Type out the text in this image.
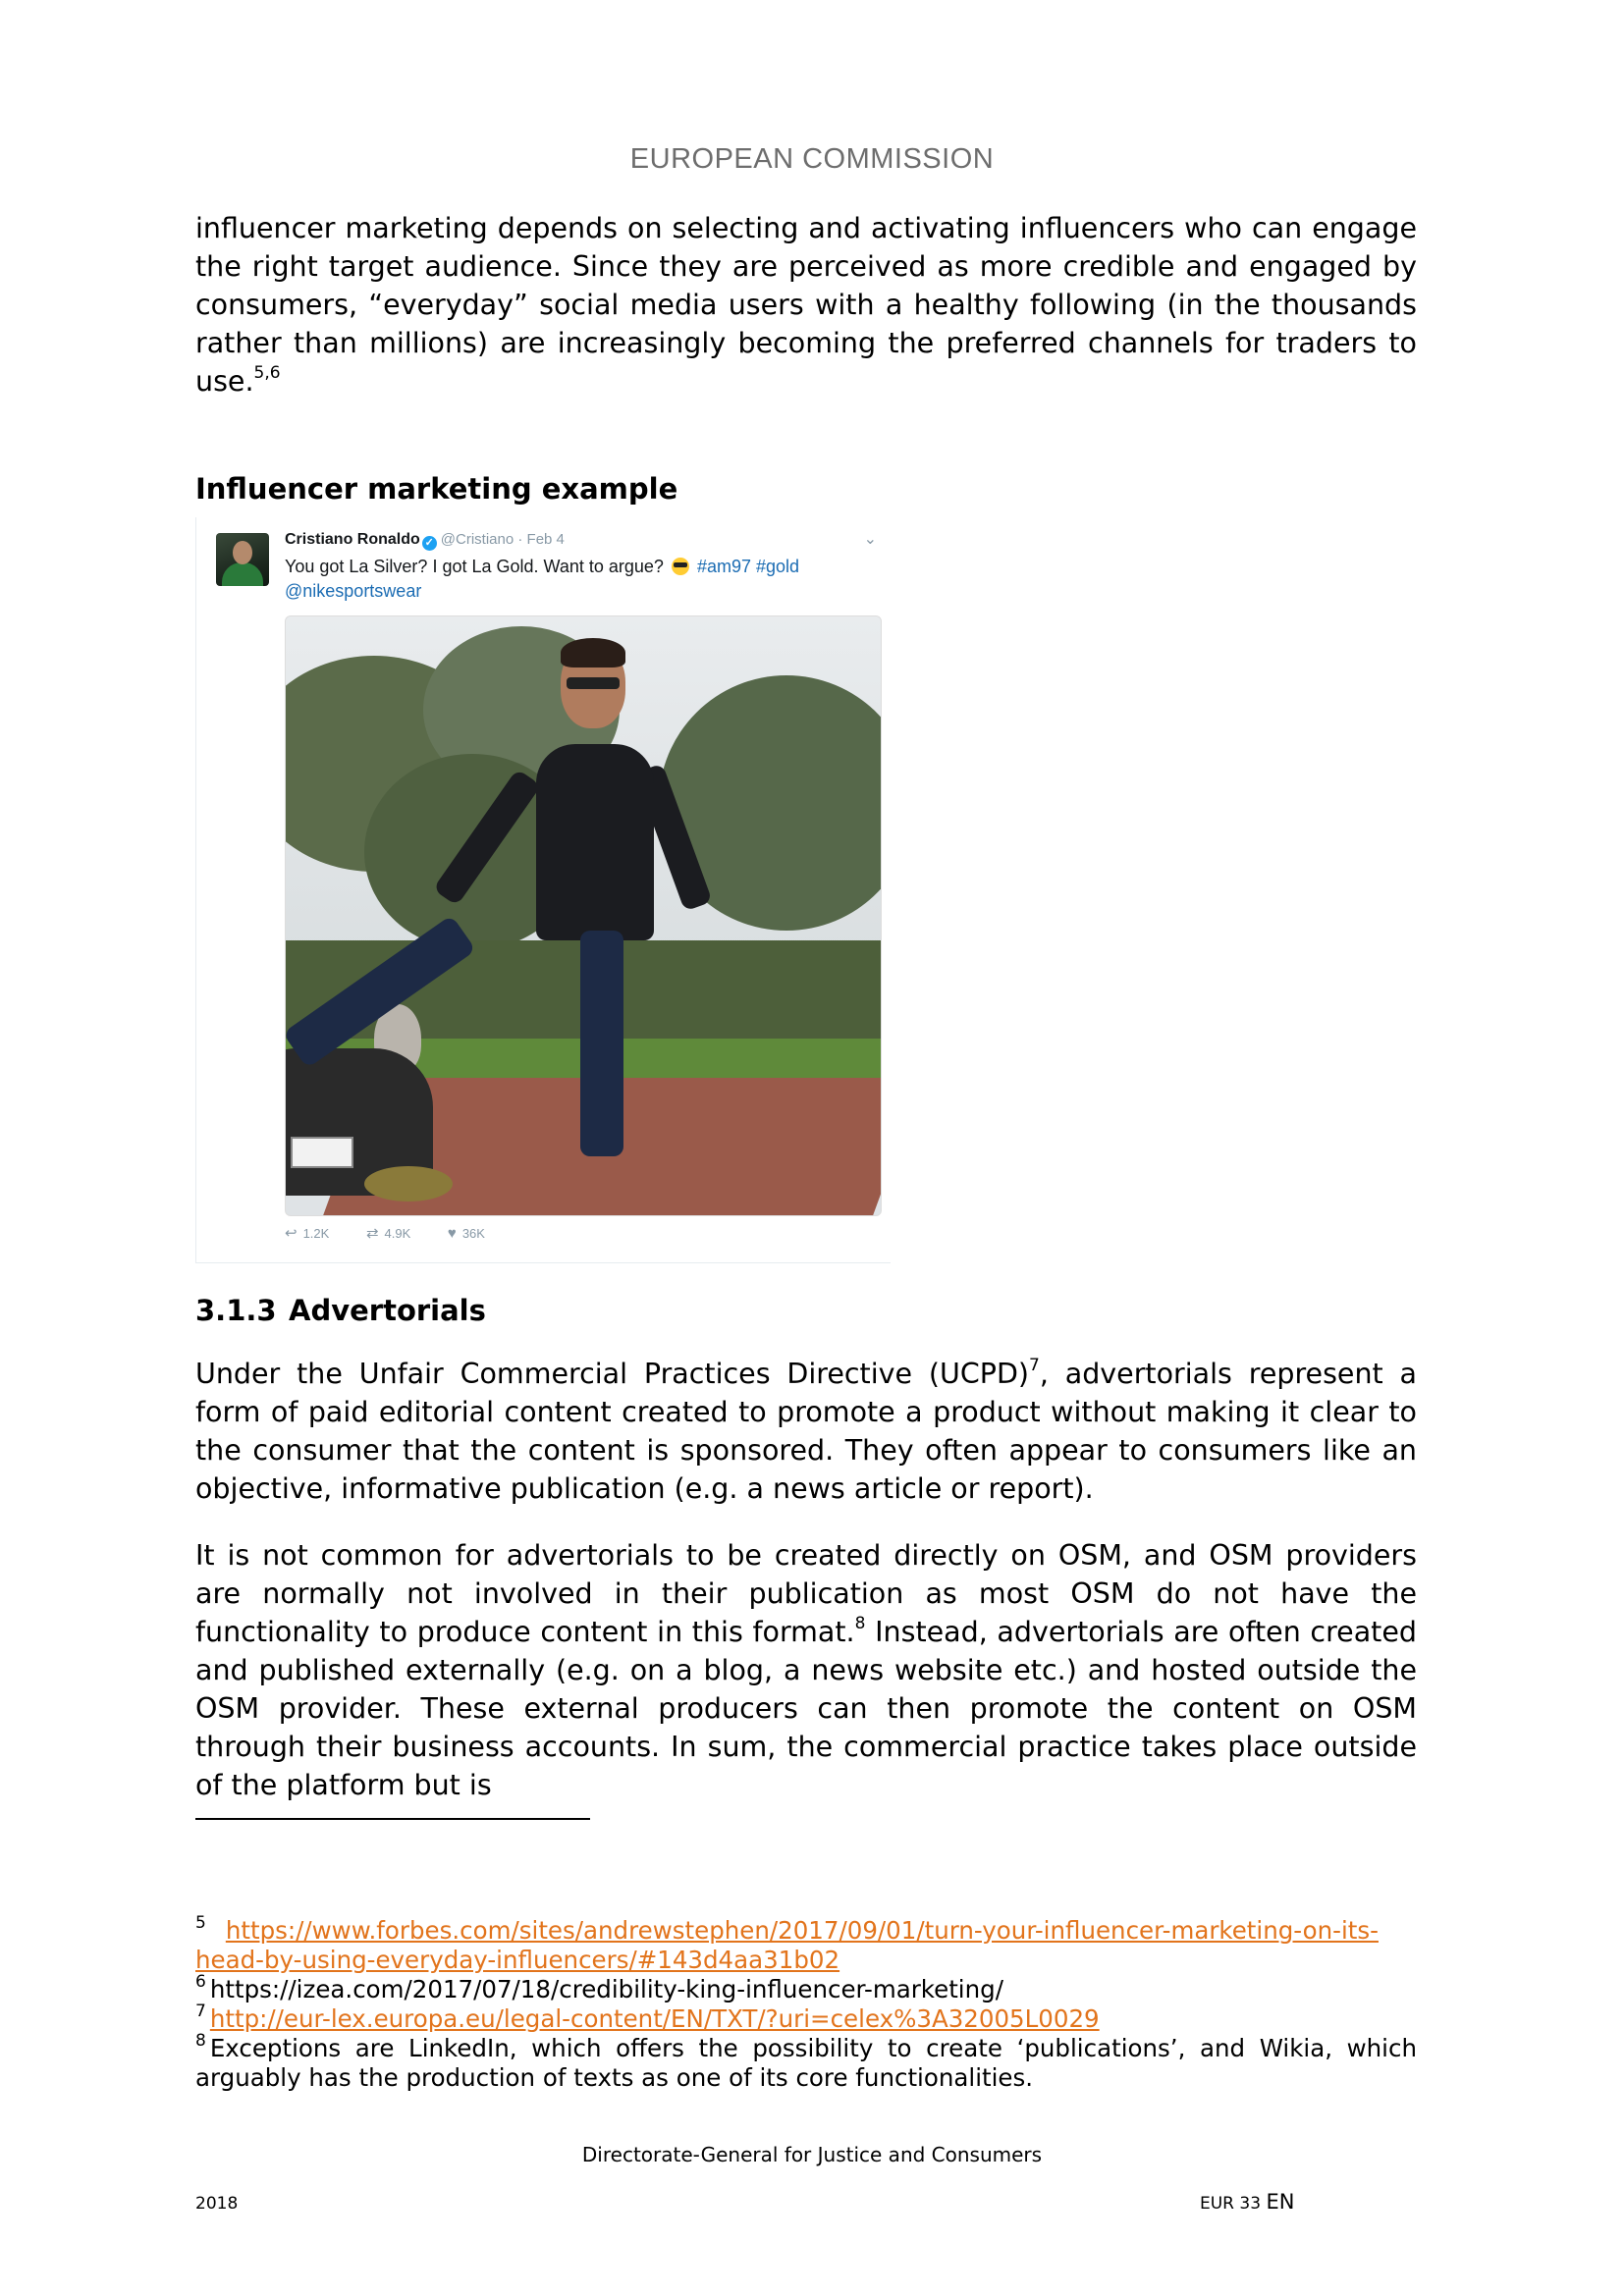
EUROPEAN COMMISSION

influencer marketing depends on selecting and activating influencers who can engage the right target audience. Since they are perceived as more credible and engaged by consumers, “everyday” social media users with a healthy following (in the thousands rather than millions) are increasingly becoming the preferred channels for traders to use.$^{5,6}$

Influencer marketing example
Cristiano Ronaldo ✓ @Cristiano · Feb 4	⌄
You got La Silver? I got La Gold. Want to argue? #am97 #gold
@nikesportswear
↩ 1.2K	⇄ 4.9K	♥ 36K
3.1.3 Advertorials

Under the Unfair Commercial Practices Directive (UCPD)$^7$, advertorials represent a form of paid editorial content created to promote a product without making it clear to the consumer that the content is sponsored. They often appear to consumers like an objective, informative publication (e.g. a news article or report).

It is not common for advertorials to be created directly on OSM, and OSM providers are normally not involved in their publication as most OSM do not have the functionality to produce content in this format.$^8$ Instead, advertorials are often created and published externally (e.g. on a blog, a news website etc.) and hosted outside the OSM provider. These external producers can then promote the content on OSM through their business accounts. In sum, the commercial practice takes place outside of the platform but is

$^5$ https://www.forbes.com/sites/andrewstephen/2017/09/01/turn-your-influencer-marketing-on-its-head-by-using-everyday-influencers/#143d4aa31b02

$^6$ https://izea.com/2017/07/18/credibility-king-influencer-marketing/

$^7$ http://eur-lex.europa.eu/legal-content/EN/TXT/?uri=celex%3A32005L0029

$^8$ Exceptions are LinkedIn, which offers the possibility to create ‘publications’, and Wikia, which arguably has the production of texts as one of its core functionalities.

Directorate-General for Justice and Consumers
2018	EUR 33 EN
